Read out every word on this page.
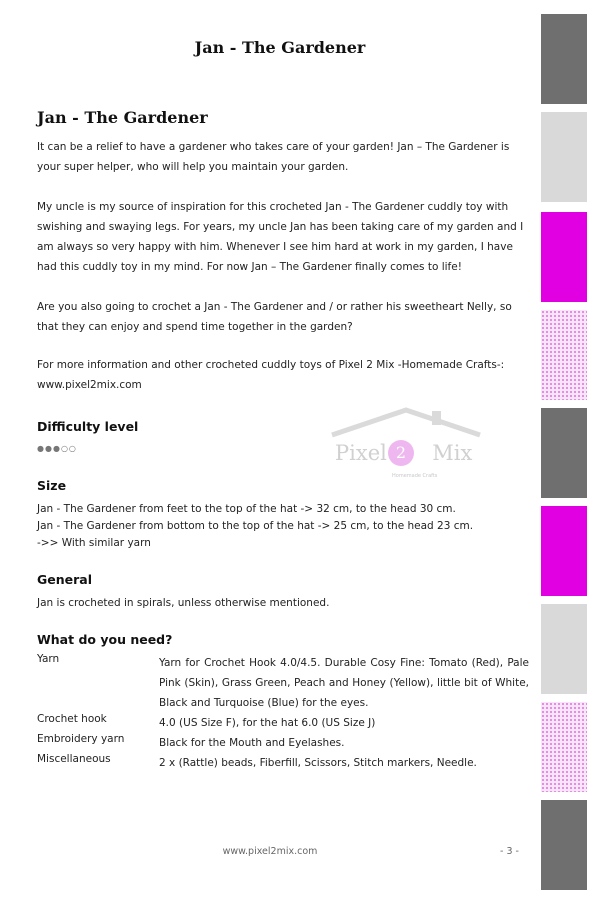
Jan - The Gardener
Jan - The Gardener

It can be a relief to have a gardener who takes care of your garden! Jan – The Gardener is your super helper, who will help you maintain your garden.

My uncle is my source of inspiration for this crocheted Jan - The Gardener cuddly toy with swishing and swaying legs. For years, my uncle Jan has been taking care of my garden and I am always so very happy with him. Whenever I see him hard at work in my garden, I have had this cuddly toy in my mind. For now Jan – The Gardener finally comes to life!

Are you also going to crochet a Jan - The Gardener and / or rather his sweetheart Nelly, so that they can enjoy and spend time together in the garden?

For more information and other crocheted cuddly toys of Pixel 2 Mix -Homemade Crafts-: www.pixel2mix.com

Pixel Mix
2
Homemade Crafts
Difficulty level
●●●○○
Size
Jan - The Gardener from feet to the top of the hat -> 32 cm, to the head 30 cm.
Jan - The Gardener from bottom to the top of the hat -> 25 cm, to the head 23 cm.
->> With similar yarn
General
Jan is crocheted in spirals, unless otherwise mentioned.
What do you need?
Yarn	Yarn for Crochet Hook 4.0/4.5. Durable Cosy Fine: Tomato (Red), Pale Pink (Skin), Grass Green, Peach and Honey (Yellow), little bit of White, Black and Turquoise (Blue) for the eyes.
Crochet hook	4.0 (US Size F), for the hat 6.0 (US Size J)
Embroidery yarn	Black for the Mouth and Eyelashes.
Miscellaneous	2 x (Rattle) beads, Fiberfill, Scissors, Stitch markers, Needle.
www.pixel2mix.com	- 3 -
